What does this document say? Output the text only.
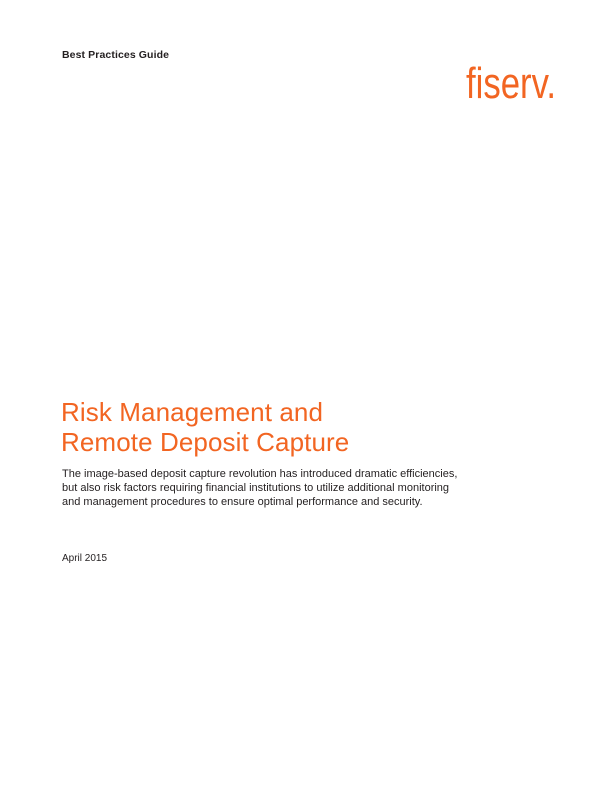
Best Practices Guide
fiserv.
Risk Management and
Remote Deposit Capture

The image-based deposit capture revolution has introduced dramatic efficiencies, but also risk factors requiring financial institutions to utilize additional monitoring and management procedures to ensure optimal performance and security.

April 2015
